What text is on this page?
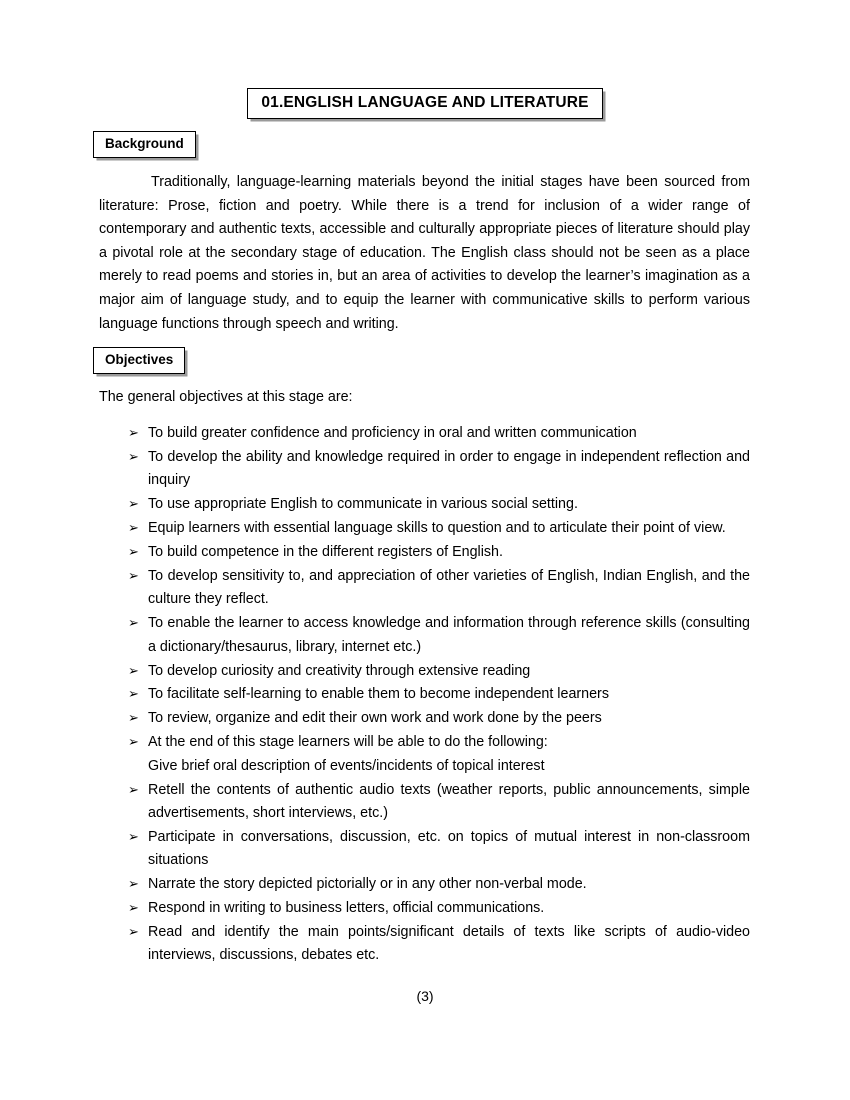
01.ENGLISH LANGUAGE AND LITERATURE
Background

Traditionally, language-learning materials beyond the initial stages have been sourced from literature: Prose, fiction and poetry. While there is a trend for inclusion of a wider range of contemporary and authentic texts, accessible and culturally appropriate pieces of literature should play a pivotal role at the secondary stage of education. The English class should not be seen as a place merely to read poems and stories in, but an area of activities to develop the learner’s imagination as a major aim of language study, and to equip the learner with communicative skills to perform various language functions through speech and writing.

Objectives
The general objectives at this stage are:
➢ To build greater confidence and proficiency in oral and written communication
➢ To develop the ability and knowledge required in order to engage in independent reflection and inquiry
➢ To use appropriate English to communicate in various social setting.
➢ Equip learners with essential language skills to question and to articulate their point of view.
➢ To build competence in the different registers of English.
➢ To develop sensitivity to, and appreciation of other varieties of English, Indian English, and the culture they reflect.
➢ To enable the learner to access knowledge and information through reference skills (consulting a dictionary/thesaurus, library, internet etc.)
➢ To develop curiosity and creativity through extensive reading
➢ To facilitate self-learning to enable them to become independent learners
➢ To review, organize and edit their own work and work done by the peers
➢ At the end of this stage learners will be able to do the following:
Give brief oral description of events/incidents of topical interest
➢ Retell the contents of authentic audio texts (weather reports, public announcements, simple advertisements, short interviews, etc.)
➢ Participate in conversations, discussion, etc. on topics of mutual interest in non-classroom situations
➢ Narrate the story depicted pictorially or in any other non-verbal mode.
➢ Respond in writing to business letters, official communications.
➢ Read and identify the main points/significant details of texts like scripts of audio-video interviews, discussions, debates etc.
(3)
